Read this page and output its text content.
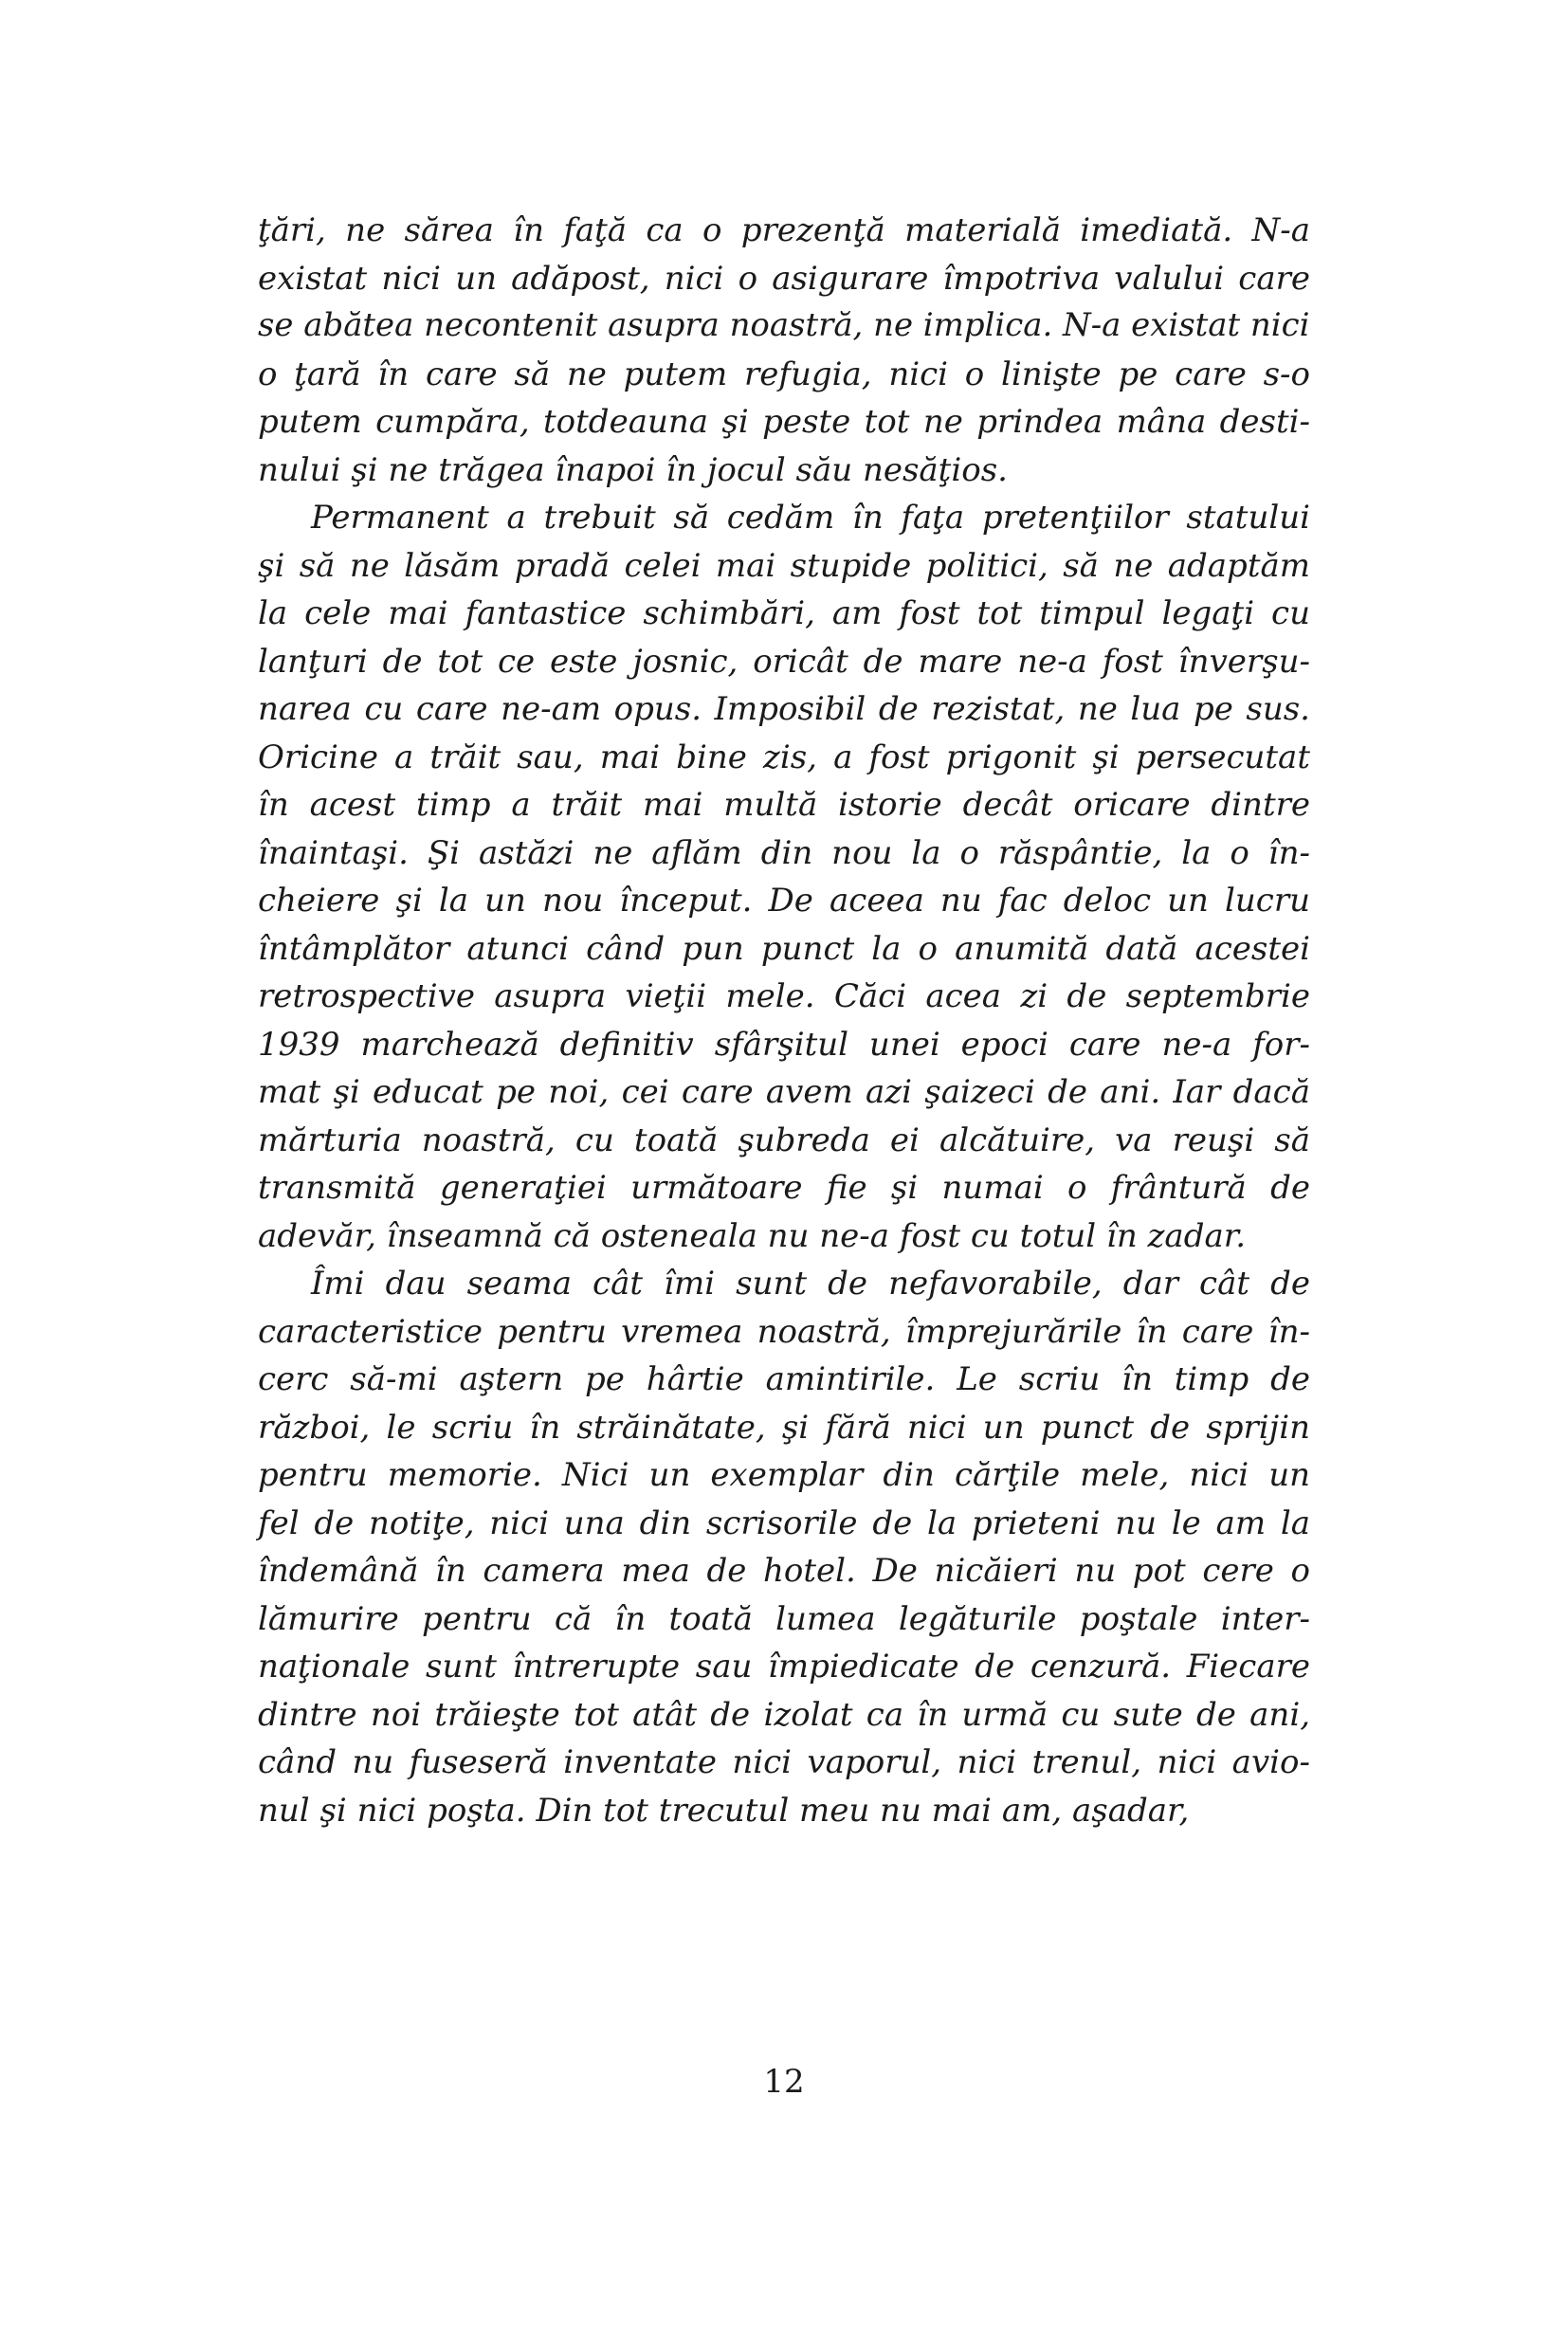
ţări, ne sărea în faţă ca o prezenţă materială imediată. N-a
existat nici un adăpost, nici o asigurare împotriva valului care
se abătea necontenit asupra noastră, ne implica. N-a existat nici
o ţară în care să ne putem refugia, nici o linişte pe care s-o
putem cumpăra, totdeauna şi peste tot ne prindea mâna desti-
nului şi ne trăgea înapoi în jocul său nesăţios.
Permanent a trebuit să cedăm în faţa pretenţiilor statului
şi să ne lăsăm pradă celei mai stupide politici, să ne adaptăm
la cele mai fantastice schimbări, am fost tot timpul legaţi cu
lanţuri de tot ce este josnic, oricât de mare ne-a fost înverşu-
narea cu care ne-am opus. Imposibil de rezistat, ne lua pe sus.
Oricine a trăit sau, mai bine zis, a fost prigonit şi persecutat
în acest timp a trăit mai multă istorie decât oricare dintre
înaintaşi. Şi astăzi ne aflăm din nou la o răspântie, la o în-
cheiere şi la un nou început. De aceea nu fac deloc un lucru
întâmplător atunci când pun punct la o anumită dată acestei
retrospective asupra vieţii mele. Căci acea zi de septembrie
1939 marchează definitiv sfârşitul unei epoci care ne-a for-
mat şi educat pe noi, cei care avem azi şaizeci de ani. Iar dacă
mărturia noastră, cu toată şubreda ei alcătuire, va reuşi să
transmită generaţiei următoare fie şi numai o frântură de
adevăr, înseamnă că osteneala nu ne-a fost cu totul în zadar.
Îmi dau seama cât îmi sunt de nefavorabile, dar cât de
caracteristice pentru vremea noastră, împrejurările în care în-
cerc să-mi aştern pe hârtie amintirile. Le scriu în timp de
război, le scriu în străinătate, şi fără nici un punct de sprijin
pentru memorie. Nici un exemplar din cărţile mele, nici un
fel de notiţe, nici una din scrisorile de la prieteni nu le am la
îndemână în camera mea de hotel. De nicăieri nu pot cere o
lămurire pentru că în toată lumea legăturile poştale inter-
naţionale sunt întrerupte sau împiedicate de cenzură. Fiecare
dintre noi trăieşte tot atât de izolat ca în urmă cu sute de ani,
când nu fuseseră inventate nici vaporul, nici trenul, nici avio-
nul şi nici poşta. Din tot trecutul meu nu mai am, aşadar,
12
